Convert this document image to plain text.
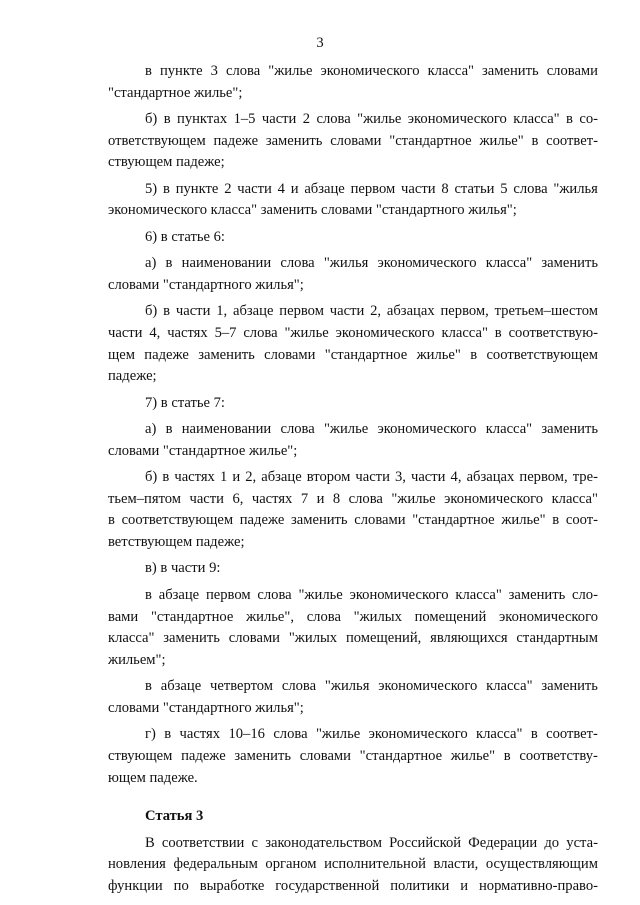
3
в пункте 3 слова "жилье экономического класса" заменить словами
"стандартное жилье";
б) в пунктах 1–5 части 2 слова "жилье экономического класса" в со-
ответствующем падеже заменить словами "стандартное жилье" в соответ-
ствующем падеже;
5) в пункте 2 части 4 и абзаце первом части 8 статьи 5 слова "жилья
экономического класса" заменить словами "стандартного жилья";
6) в статье 6:
а) в наименовании слова "жилья экономического класса" заменить
словами "стандартного жилья";
б) в части 1, абзаце первом части 2, абзацах первом, третьем–шестом
части 4, частях 5–7 слова "жилье экономического класса" в соответствую-
щем падеже заменить словами "стандартное жилье" в соответствующем
падеже;
7) в статье 7:
а) в наименовании слова "жилье экономического класса" заменить
словами "стандартное жилье";
б) в частях 1 и 2, абзаце втором части 3, части 4, абзацах первом, тре-
тьем–пятом части 6, частях 7 и 8 слова "жилье экономического класса"
в соответствующем падеже заменить словами "стандартное жилье" в соот-
ветствующем падеже;
в) в части 9:
в абзаце первом слова "жилье экономического класса" заменить сло-
вами "стандартное жилье", слова "жилых помещений экономического
класса" заменить словами "жилых помещений, являющихся стандартным
жильем";
в абзаце четвертом слова "жилья экономического класса" заменить
словами "стандартного жилья";
г) в частях 10–16 слова "жилье экономического класса" в соответ-
ствующем падеже заменить словами "стандартное жилье" в соответству-
ющем падеже.
Статья 3
В соответствии с законодательством Российской Федерации до уста-
новления федеральным органом исполнительной власти, осуществляющим
функции по выработке государственной политики и нормативно-право-
